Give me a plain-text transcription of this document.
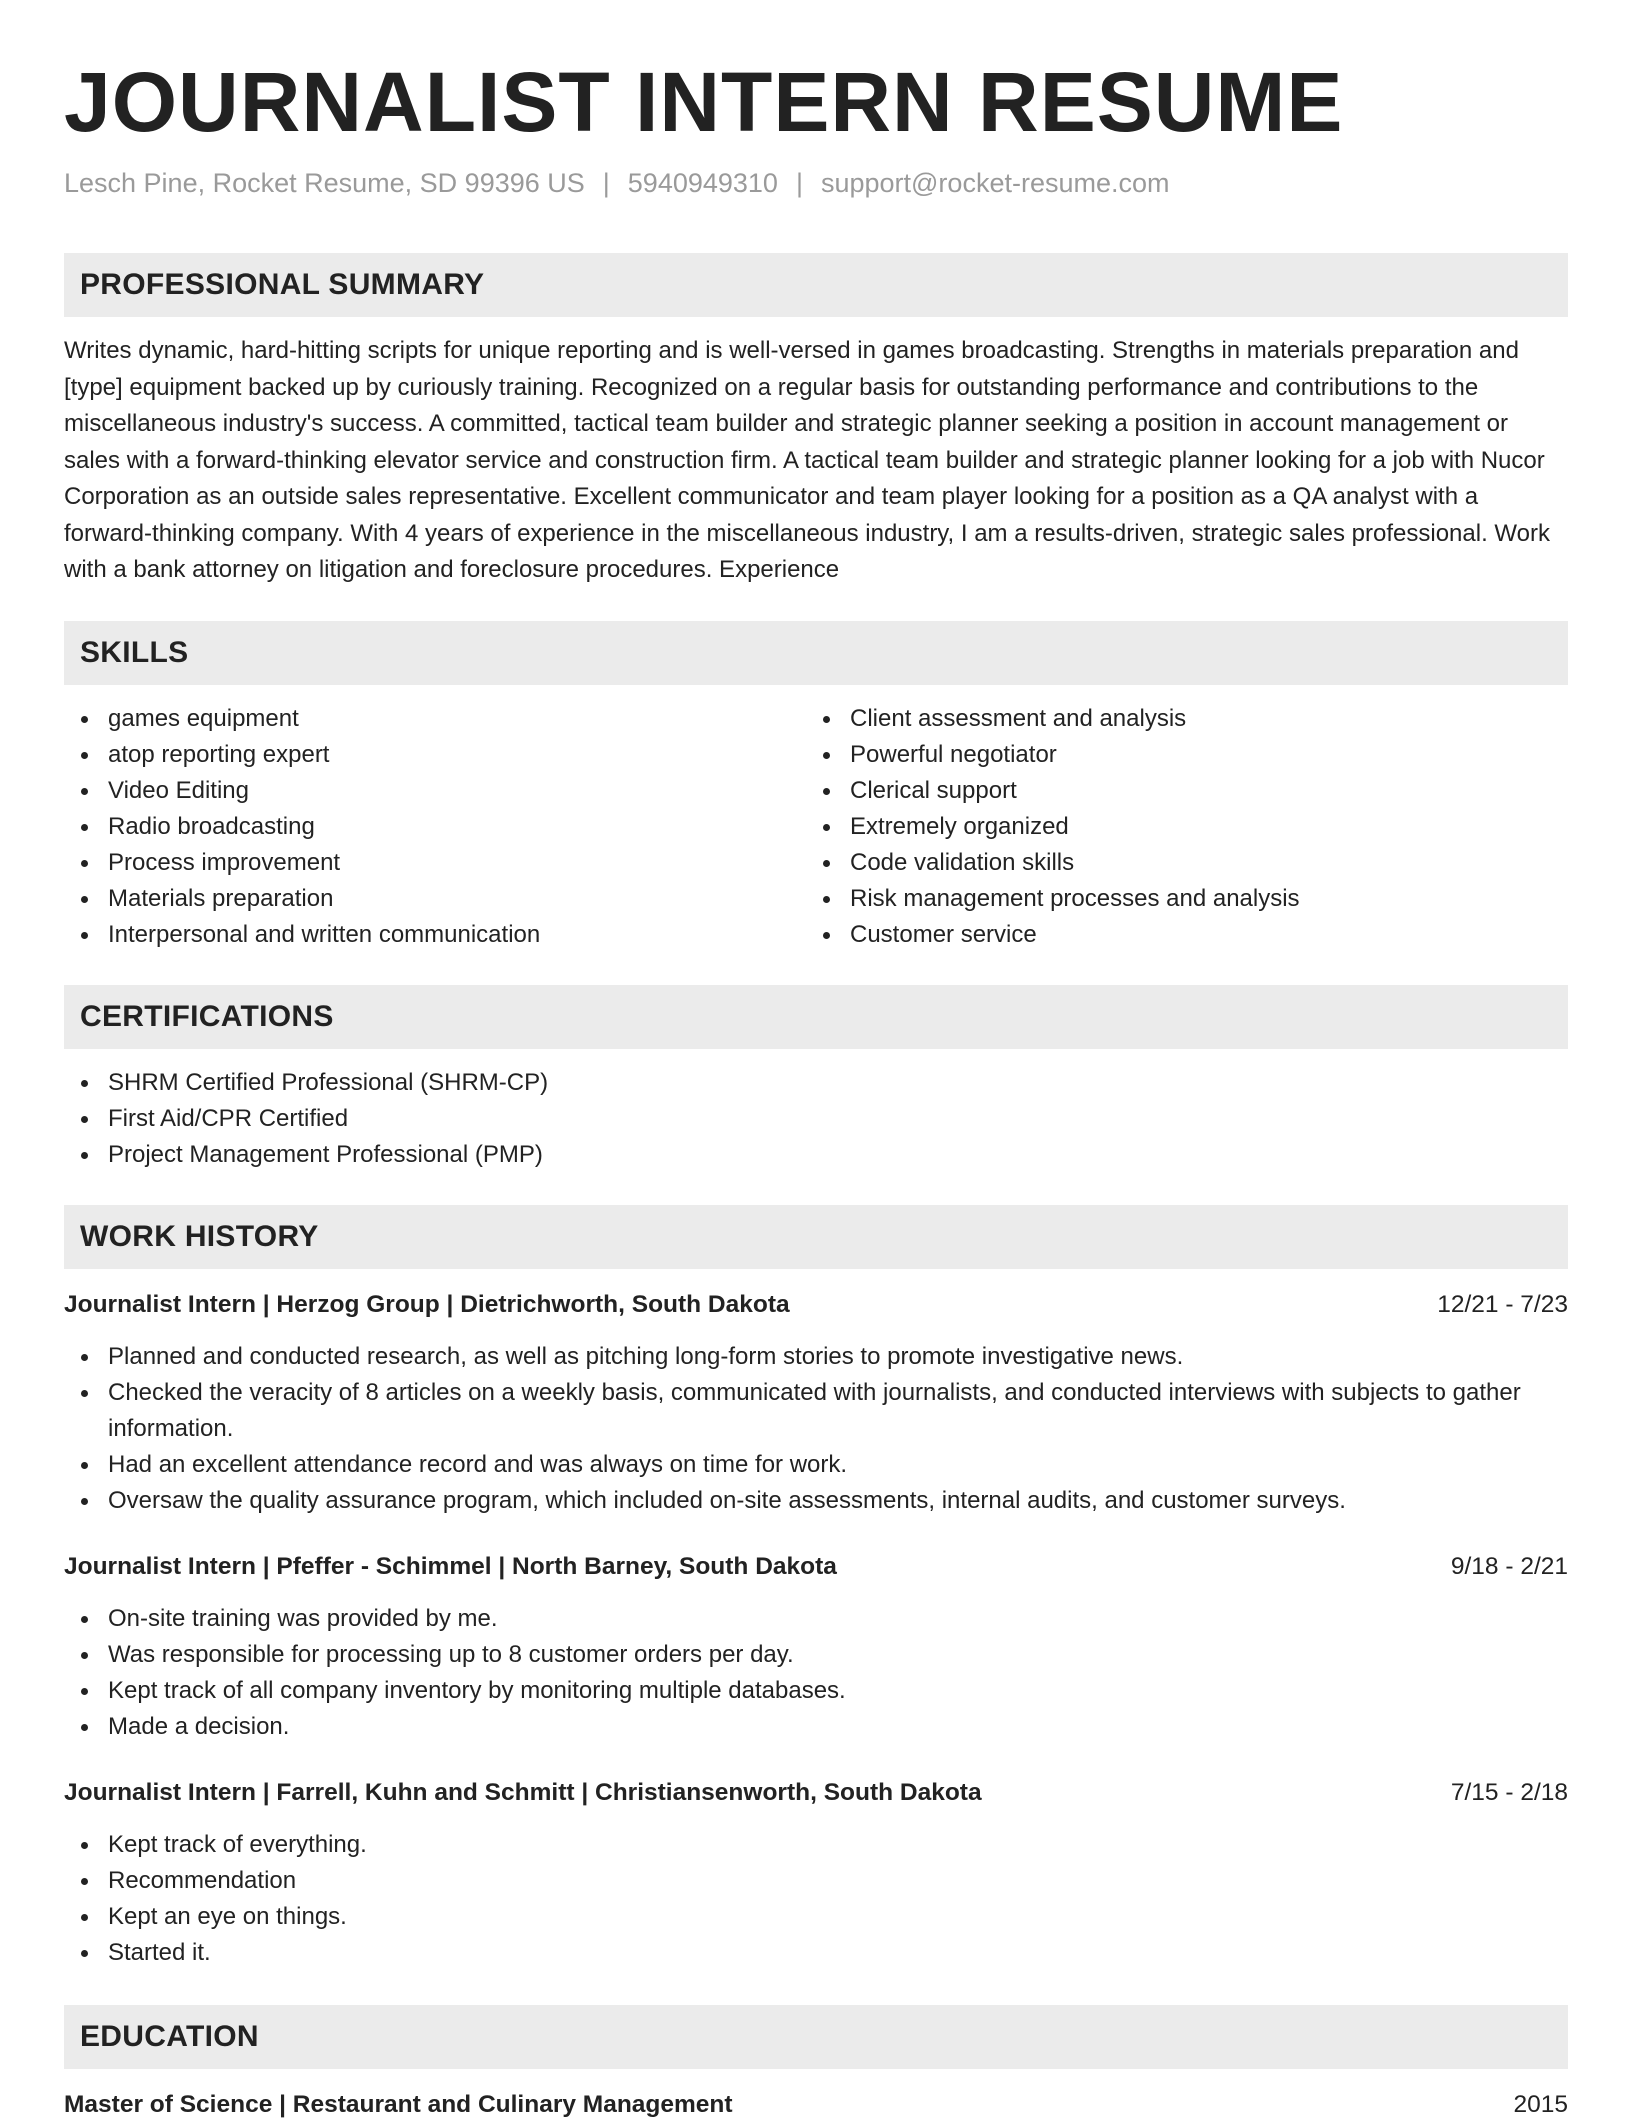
JOURNALIST INTERN RESUME
Lesch Pine, Rocket Resume, SD 99396 US | 5940949310 | support@rocket-resume.com
PROFESSIONAL SUMMARY

Writes dynamic, hard-hitting scripts for unique reporting and is well-versed in games broadcasting. Strengths in materials preparation and [type] equipment backed up by curiously training. Recognized on a regular basis for outstanding performance and contributions to the miscellaneous industry's success. A committed, tactical team builder and strategic planner seeking a position in account management or sales with a forward-thinking elevator service and construction firm. A tactical team builder and strategic planner looking for a job with Nucor Corporation as an outside sales representative. Excellent communicator and team player looking for a position as a QA analyst with a forward-thinking company. With 4 years of experience in the miscellaneous industry, I am a results-driven, strategic sales professional. Work with a bank attorney on litigation and foreclosure procedures. Experience

SKILLS
games equipment
atop reporting expert
Video Editing
Radio broadcasting
Process improvement
Materials preparation
Interpersonal and written communication
Client assessment and analysis
Powerful negotiator
Clerical support
Extremely organized
Code validation skills
Risk management processes and analysis
Customer service
CERTIFICATIONS
SHRM Certified Professional (SHRM-CP)
First Aid/CPR Certified
Project Management Professional (PMP)
WORK HISTORY
Journalist Intern | Herzog Group | Dietrichworth, South Dakota	12/21 - 7/23
Planned and conducted research, as well as pitching long-form stories to promote investigative news.
Checked the veracity of 8 articles on a weekly basis, communicated with journalists, and conducted interviews with subjects to gather information.
Had an excellent attendance record and was always on time for work.
Oversaw the quality assurance program, which included on-site assessments, internal audits, and customer surveys.
Journalist Intern | Pfeffer - Schimmel | North Barney, South Dakota	9/18 - 2/21
On-site training was provided by me.
Was responsible for processing up to 8 customer orders per day.
Kept track of all company inventory by monitoring multiple databases.
Made a decision.
Journalist Intern | Farrell, Kuhn and Schmitt | Christiansenworth, South Dakota	7/15 - 2/18
Kept track of everything.
Recommendation
Kept an eye on things.
Started it.
EDUCATION
Master of Science | Restaurant and Culinary Management	2015
